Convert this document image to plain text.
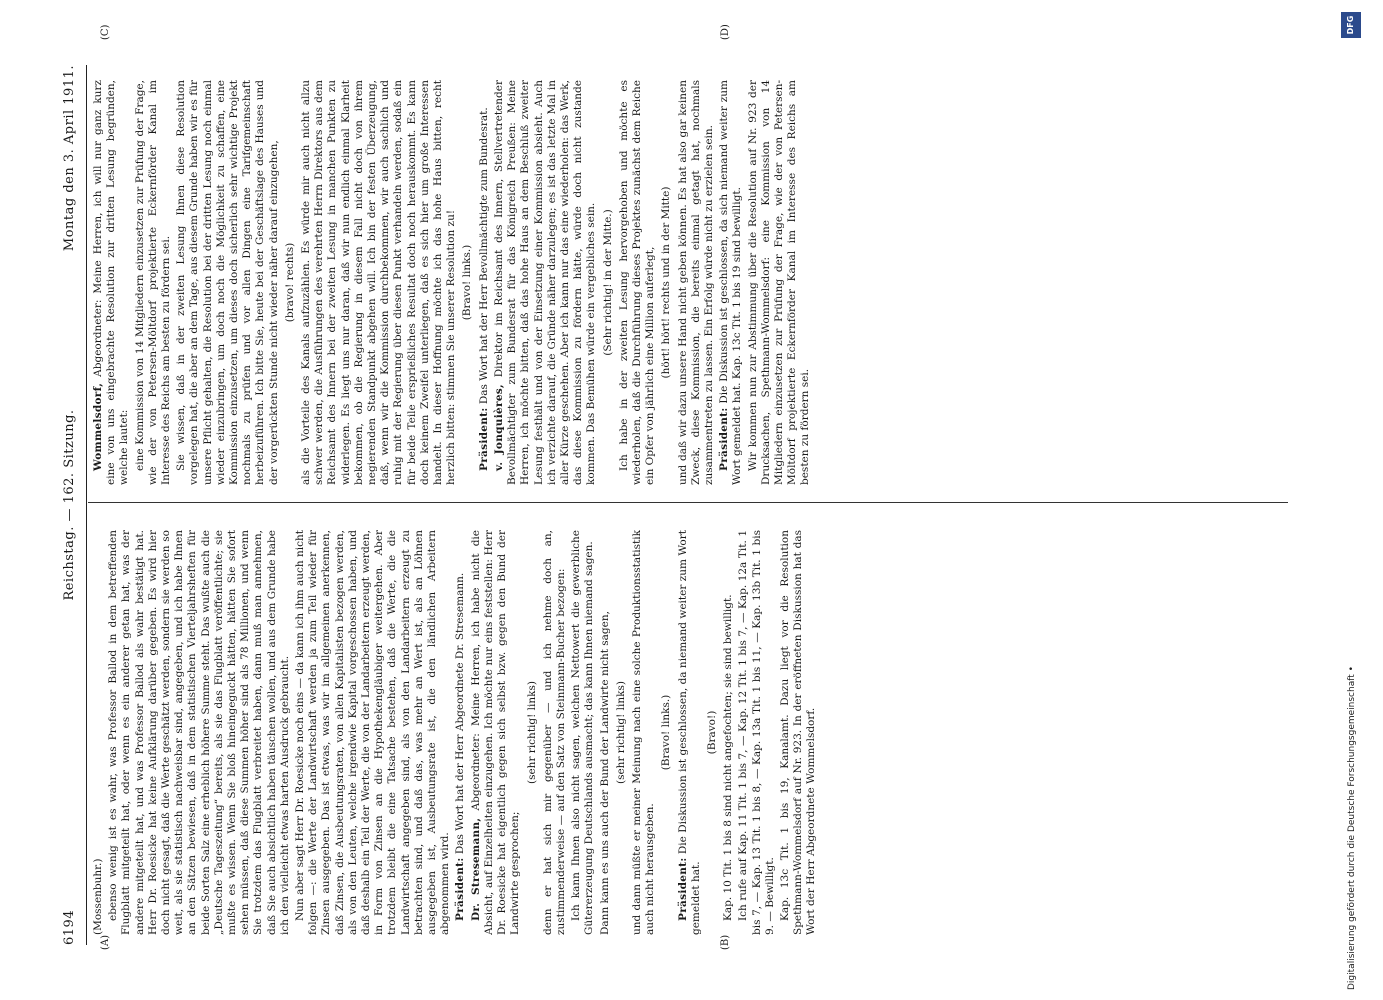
6194
Reichstag. — 162. Sitzung.
Montag den 3. April 1911.
(A)	(B)
(C)	(D)

(Mossenbuhr.) ebenso wenig ist es wahr, was Professor Ballod in dem betreffenden Flugblatt mitgeteilt hat, oder wenn es ein anderer getan hat, was der andere mitgeteilt hat, und was Professor Ballod als wahr bestätigt hat. Herr Dr. Roesicke hat keine Aufklärung darüber gegeben. Es wird hier doch nicht gesagt, daß die Werte geschätzt werden, sondern sie werden so weit, als sie statistisch nachweisbar sind, angegeben, und ich habe Ihnen an den Sätzen bewiesen, daß in dem statistischen Vierteljahrsheften für beide Sorten Salz eine erheblich höhere Summe steht. Das wußte auch die „Deutsche Tageszeitung“ bereits, als sie das Flugblatt veröffentlichte; sie mußte es wissen. Wenn Sie bloß hineingeguckt hätten, hätten Sie sofort sehen müssen, daß diese Summen höher sind als 78 Millionen, und wenn Sie trotzdem das Flugblatt verbreitet haben, dann muß man annehmen, daß Sie auch absichtlich haben täuschen wollen, und aus dem Grunde habe ich den vielleicht etwas harten Ausdruck gebraucht. Nun aber sagt Herr Dr. Roesicke noch eins — da kann ich ihm auch nicht folgen —: die Werte der Landwirtschaft werden ja zum Teil wieder für Zinsen ausgegeben. Das ist etwas, was wir im allgemeinen anerkennen, daß Zinsen, die Ausbeutungsraten, von allen Kapitalisten bezogen werden, als von den Leuten, welche irgendwie Kapital vorgeschossen haben, und daß deshalb ein Teil der Werte, die von der Landarbeitern erzeugt werden, in Form von Zinsen an die Hypothekengläubiger weitergehen. Aber trotzdem bleibt die eine Tatsache bestehen, daß die Werte, die die Landwirtschaft angegeben sind, als von den Landarbeitern erzeugt zu betrachten sind, und daß das, was mehr an Wert ist, als an Löhnen ausgegeben ist, Ausbeutungsrate ist, die den ländlichen Arbeitern abgenommen wird. Präsident: Das Wort hat der Herr Abgeordnete Dr. Stresemann.

Dr. Stresemann, Abgeordneter: Meine Herren, ich habe nicht die Absicht, auf Einzelheiten einzugehen. Ich möchte nur eins feststellen: Herr Dr. Roesicke hat eigentlich gegen sich selbst bzw. gegen den Bund der Landwirte gesprochen;

(sehr richtig! links) denn er hat sich mir gegenüber — und ich nehme doch an, zustimmenderweise — auf den Satz von Steinmann-Bucher bezogen: Ich kann Ihnen also nicht sagen, welchen Nettowert die gewerbliche Gütererzeugung Deutschlands ausmacht; das kann Ihnen niemand sagen. Dann kann es uns auch der Bund der Landwirte nicht sagen, (sehr richtig! links) und dann müßte er meiner Meinung nach eine solche Produktionsstatistik auch nicht herausgeben.

(Bravo! links.)

Präsident: Die Diskussion ist geschlossen, da niemand weiter zum Wort gemeldet hat.

(Bravo!) Kap. 10 Tit. 1 bis 8 sind nicht angefochten; sie sind bewilligt. Ich rufe auf Kap. 11 Tit. 1 bis 7, — Kap. 12 Tit. 1 bis 7, — Kap. 12a Tit. 1 bis 7, — Kap. 13 Tit. 1 bis 8, — Kap. 13a Tit. 1 bis 11, — Kap. 13b Tit. 1 bis 9. — Bewilligt. Kap. 13c Tit. 1 bis 19, Kanalamt. Dazu liegt vor die Resolution Spethmann-Wommelsdorf auf Nr. 923. In der eröffneten Diskussion hat das Wort der Herr Abgeordnete Wommelsdorf.

Wommelsdorf, Abgeordneter: Meine Herren, ich will nur ganz kurz eine von uns eingebrachte Resolution zur dritten Lesung begründen, welche lautet: eine Kommission von 14 Mitgliedern einzusetzen zur Prüfung der Frage, wie der von Petersen-Möltdorf projektierte Eckernförder Kanal im Interesse des Reichs am besten zu fördern sei. Sie wissen, daß in der zweiten Lesung Ihnen diese Resolution vorgelegen hat, die aber an dem Tage, aus diesem Grunde haben wir es für unsere Pflicht gehalten, die Resolution bei der dritten Lesung noch einmal wieder einzubringen, um doch noch die Möglichkeit zu schaffen, eine Kommission einzusetzen, um dieses doch sicherlich sehr wichtige Projekt nochmals zu prüfen und vor allen Dingen eine Tarifgemeinschaft herbeizuführen. Ich bitte Sie, heute bei der Geschäftslage des Hauses und der vorgerückten Stunde nicht wieder näher darauf einzugehen, (bravo! rechts) als die Vorteile des Kanals aufzuzählen. Es würde mir auch nicht allzu schwer werden, die Ausführungen des verehrten Herrn Direktors aus dem Reichsamt des Innern bei der zweiten Lesung in manchen Punkten zu widerlegen. Es liegt uns nur daran, daß wir nun endlich einmal Klarheit bekommen, ob die Regierung in diesem Fall nicht doch von ihrem negierenden Standpunkt abgehen will. Ich bin der festen Überzeugung, daß, wenn wir die Kommission durchbekommen, wir auch sachlich und ruhig mit der Regierung über diesen Punkt verhandeln werden, sodaß ein für beide Teile ersprießliches Resultat doch noch herauskommt. Es kann doch keinem Zweifel unterliegen, daß es sich hier um große Interessen handelt. In dieser Hoffnung möchte ich das hohe Haus bitten, recht herzlich bitten: stimmen Sie unserer Resolution zu! (Bravo! links.)

Präsident: Das Wort hat der Herr Bevollmächtigte zum Bundesrat.

v. Jonquières, Direktor im Reichsamt des Innern, Stellvertretender Bevollmächtigter zum Bundesrat für das Königreich Preußen: Meine Herren, ich möchte bitten, daß das hohe Haus an dem Beschluß zweiter Lesung festhält und von der Einsetzung einer Kommission absieht. Auch ich verzichte darauf, die Gründe näher darzulegen; es ist das letzte Mal in aller Kürze geschehen. Aber ich kann nur das eine wiederholen: das Werk, das diese Kommission zu fördern hätte, würde doch nicht zustande kommen. Das Bemühen würde ein vergebliches sein. (Sehr richtig! in der Mitte.) Ich habe in der zweiten Lesung hervorgehoben und möchte es wiederholen, daß die Durchführung dieses Projektes zunächst dem Reiche ein Opfer von jährlich eine Million auferlegt, (hört! hört! rechts und in der Mitte) und daß wir dazu unsere Hand nicht geben können. Es hat also gar keinen Zweck, diese Kommission, die bereits einmal getagt hat, nochmals zusammentreten zu lassen. Ein Erfolg würde nicht zu erzielen sein. Präsident: Die Diskussion ist geschlossen, da sich niemand weiter zum Wort gemeldet hat. Kap. 13c Tit. 1 bis 19 sind bewilligt. Wir kommen nun zur Abstimmung über die Resolution auf Nr. 923 der Drucksachen, Spethmann-Wommelsdorf: eine Kommission von 14 Mitgliedern einzusetzen zur Prüfung der Frage, wie der von Petersen-Möltdorf projektierte Eckernförder Kanal im Interesse des Reichs am besten zu fördern sei.

Digitalisierung gefördert durch die Deutsche Forschungsgemeinschaft •
DFG
